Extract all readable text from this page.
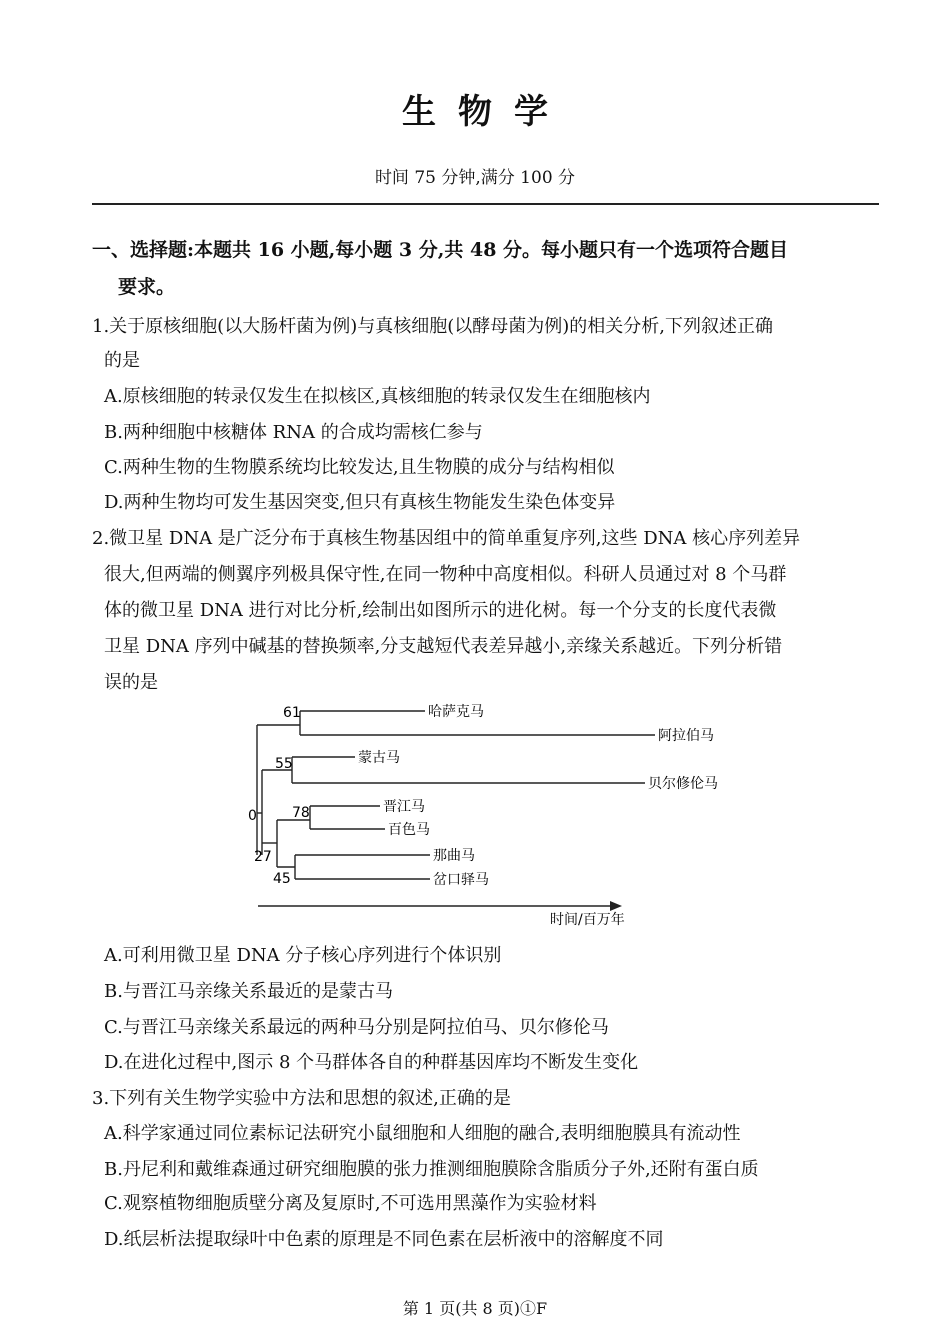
生物学
时间 75 分钟,满分 100 分
一、选择题:本题共 16 小题,每小题 3 分,共 48 分。每小题只有一个选项符合题目
要求。
1.关于原核细胞(以大肠杆菌为例)与真核细胞(以酵母菌为例)的相关分析,下列叙述正确
的是
A.原核细胞的转录仅发生在拟核区,真核细胞的转录仅发生在细胞核内
B.两种细胞中核糖体 RNA 的合成均需核仁参与
C.两种生物的生物膜系统均比较发达,且生物膜的成分与结构相似
D.两种生物均可发生基因突变,但只有真核生物能发生染色体变异
2.微卫星 DNA 是广泛分布于真核生物基因组中的简单重复序列,这些 DNA 核心序列差异
很大,但两端的侧翼序列极具保守性,在同一物种中高度相似。科研人员通过对 8 个马群
体的微卫星 DNA 进行对比分析,绘制出如图所示的进化树。每一个分支的长度代表微
卫星 DNA 序列中碱基的替换频率,分支越短代表差异越小,亲缘关系越近。下列分析错
误的是
61
55
0	78
27
45
哈萨克马
阿拉伯马
蒙古马
贝尔修伦马
晋江马
百色马
那曲马
岔口驿马
时间/百万年
A.可利用微卫星 DNA 分子核心序列进行个体识别
B.与晋江马亲缘关系最近的是蒙古马
C.与晋江马亲缘关系最远的两种马分别是阿拉伯马、贝尔修伦马
D.在进化过程中,图示 8 个马群体各自的种群基因库均不断发生变化
3.下列有关生物学实验中方法和思想的叙述,正确的是
A.科学家通过同位素标记法研究小鼠细胞和人细胞的融合,表明细胞膜具有流动性
B.丹尼利和戴维森通过研究细胞膜的张力推测细胞膜除含脂质分子外,还附有蛋白质
C.观察植物细胞质壁分离及复原时,不可选用黑藻作为实验材料
D.纸层析法提取绿叶中色素的原理是不同色素在层析液中的溶解度不同
第 1 页(共 8 页)①F
